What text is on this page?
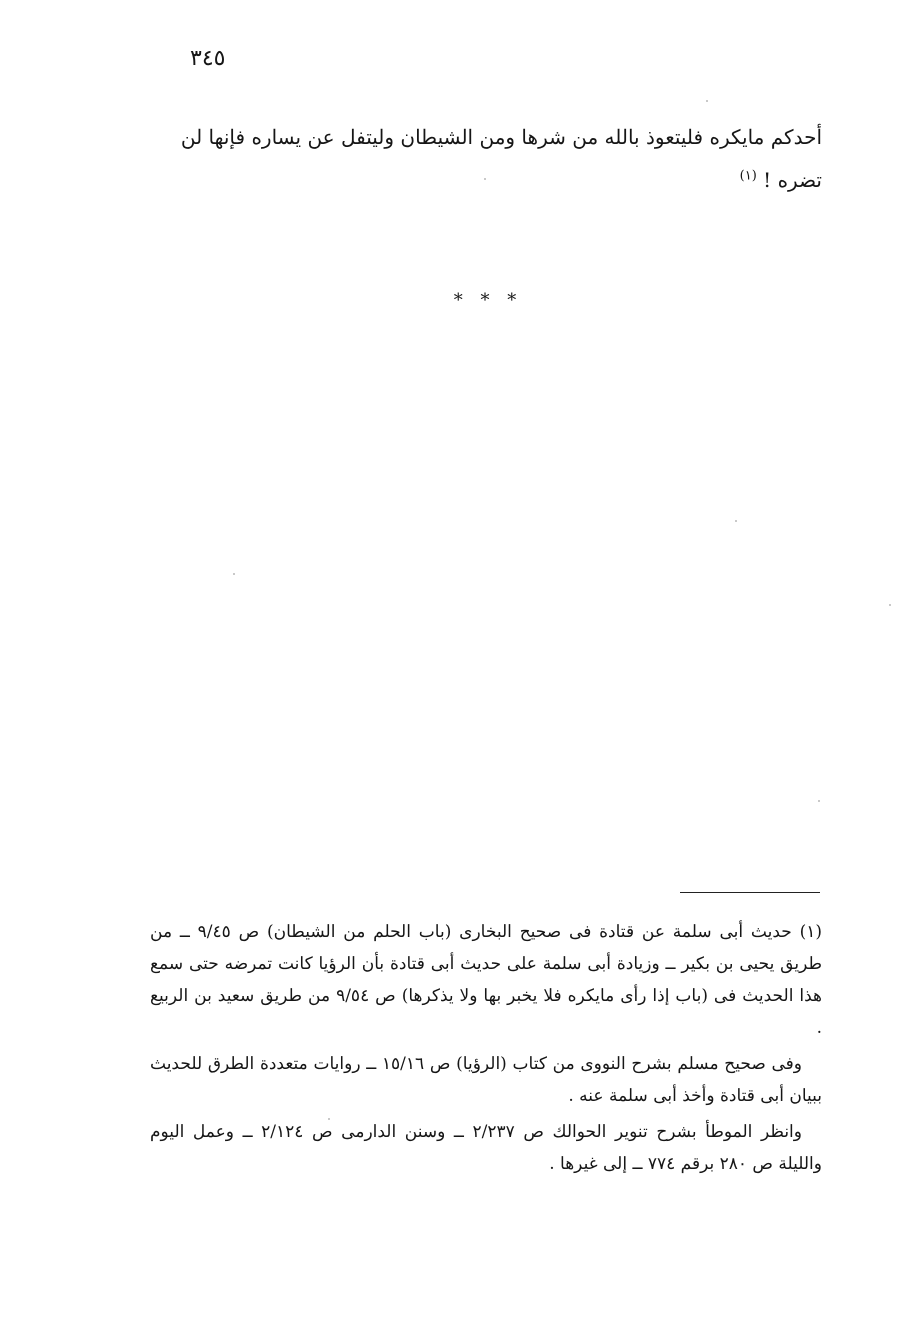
٣٤٥
أحدكم مايكره فليتعوذ بالله من شرها ومن الشيطان وليتفل عن يساره فإنها لن تضره ! $^{(١)}$
* * *

(١) حديث أبى سلمة عن قتادة فى صحيح البخارى (باب الحلم من الشيطان) ص ٩/٤٥ ــ من طريق يحيى بن بكير ــ وزيادة أبى سلمة على حديث أبى قتادة بأن الرؤيا كانت تمرضه حتى سمع هذا الحديث فى (باب إذا رأى مايكره فلا يخبر بها ولا يذكرها) ص ٩/٥٤ من طريق سعيد بن الربيع .

وفى صحيح مسلم بشرح النووى من كتاب (الرؤيا) ص ١٥/١٦ ــ روايات متعددة الطرق للحديث ببيان أبى قتادة وأخذ أبى سلمة عنه .

وانظر الموطأ بشرح تنوير الحوالك ص ٢/٢٣٧ ــ وسنن الدارمى ص ٢/١٢٤ ــ وعمل اليوم والليلة ص ٢٨٠ برقم ٧٧٤ ــ إلى غيرها .
